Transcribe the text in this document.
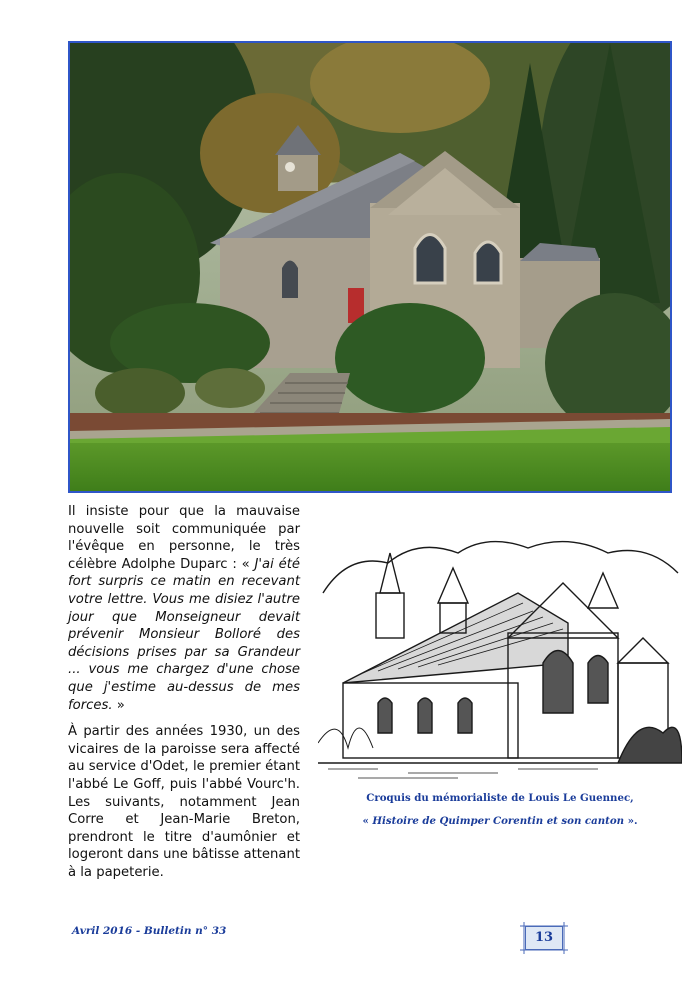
Il insiste pour que la mauvaise nouvelle soit communiquée par l'évêque en personne, le très célèbre Adolphe Duparc : « J'ai été fort surpris ce matin en recevant votre lettre. Vous me disiez l'autre jour que Monseigneur devait prévenir Monsieur Bolloré des décisions prises par sa Grandeur ... vous me chargez d'une chose que j'estime au-dessus de mes forces. »

À partir des années 1930, un des vicaires de la paroisse sera affecté au service d'Odet, le premier étant l'abbé Le Goff, puis l'abbé Vourc'h. Les suivants, notamment Jean Corre et Jean-Marie Breton, prendront le titre d'aumônier et logeront dans une bâtisse attenant à la papeterie.

Croquis du mémorialiste de Louis Le Guennec,
« Histoire de Quimper Corentin et son canton ».
Avril 2016 - Bulletin n° 33	13
